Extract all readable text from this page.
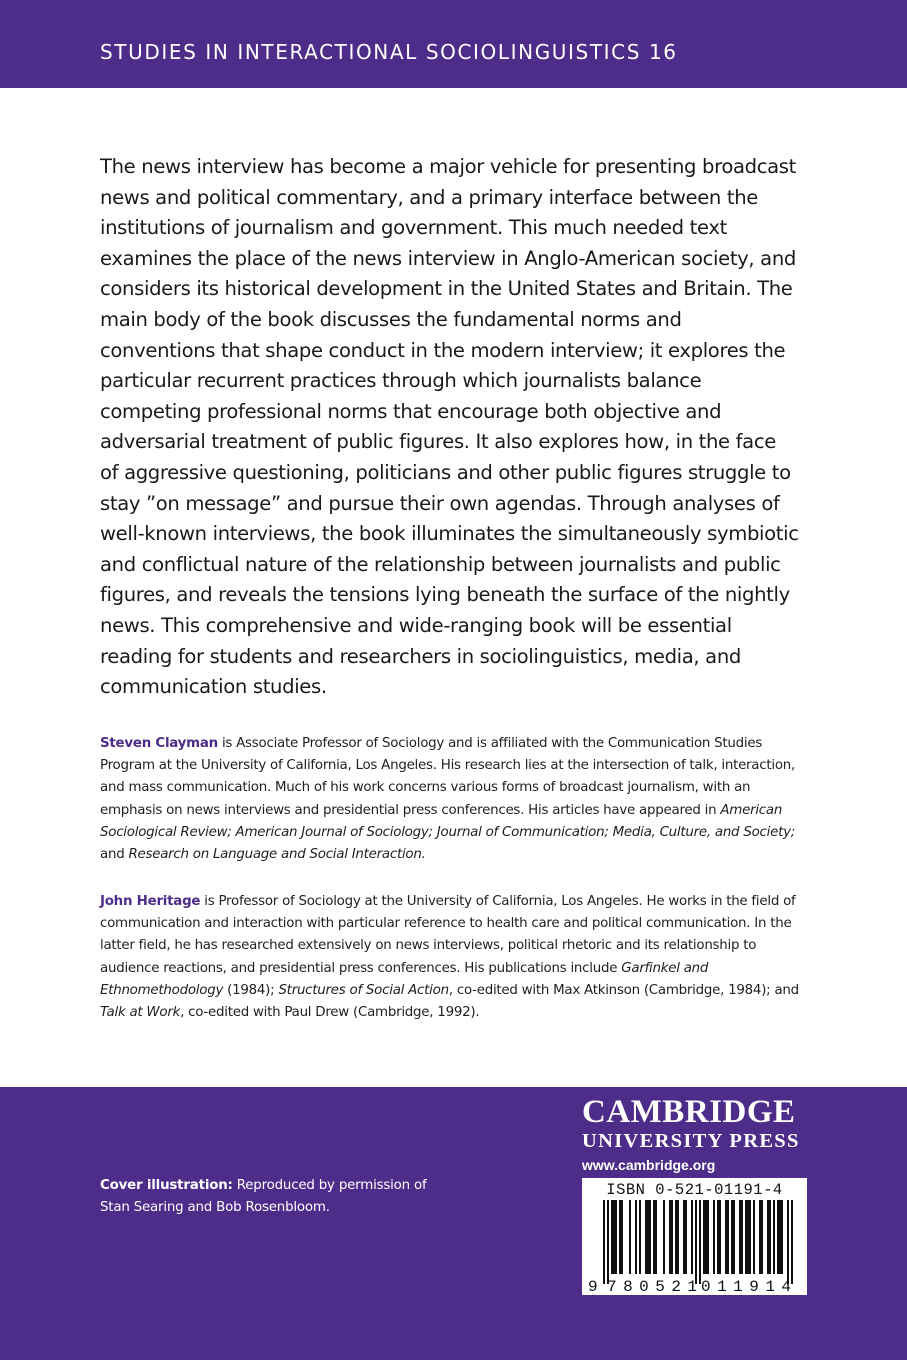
STUDIES IN INTERACTIONAL SOCIOLINGUISTICS 16

The news interview has become a major vehicle for presenting broadcast news and political commentary, and a primary interface between the institutions of journalism and government. This much needed text examines the place of the news interview in Anglo-American society, and considers its historical development in the United States and Britain. The main body of the book discusses the fundamental norms and conventions that shape conduct in the modern interview; it explores the particular recurrent practices through which journalists balance competing professional norms that encourage both objective and adversarial treatment of public figures. It also explores how, in the face of aggressive questioning, politicians and other public figures struggle to stay ”on message” and pursue their own agendas. Through analyses of well-known interviews, the book illuminates the simultaneously symbiotic and conflictual nature of the relationship between journalists and public figures, and reveals the tensions lying beneath the surface of the nightly news. This comprehensive and wide-ranging book will be essential reading for students and researchers in sociolinguistics, media, and communication studies.

Steven Clayman is Associate Professor of Sociology and is affiliated with the Communication Studies Program at the University of California, Los Angeles. His research lies at the intersection of talk, interaction, and mass communication. Much of his work concerns various forms of broadcast journalism, with an emphasis on news interviews and presidential press conferences. His articles have appeared in American Sociological Review; American Journal of Sociology; Journal of Communication; Media, Culture, and Society; and Research on Language and Social Interaction.

John Heritage is Professor of Sociology at the University of California, Los Angeles. He works in the field of communication and interaction with particular reference to health care and political communication. In the latter field, he has researched extensively on news interviews, political rhetoric and its relationship to audience reactions, and presidential press conferences. His publications include Garfinkel and Ethnomethodology (1984); Structures of Social Action, co-edited with Max Atkinson (Cambridge, 1984); and Talk at Work, co-edited with Paul Drew (Cambridge, 1992).

Cover illustration: Reproduced by permission of Stan Searing and Bob Rosenbloom.

CAMBRIDGE
UNIVERSITY PRESS
www.cambridge.org
ISBN 0-521-01191-4
9 780521 011914
